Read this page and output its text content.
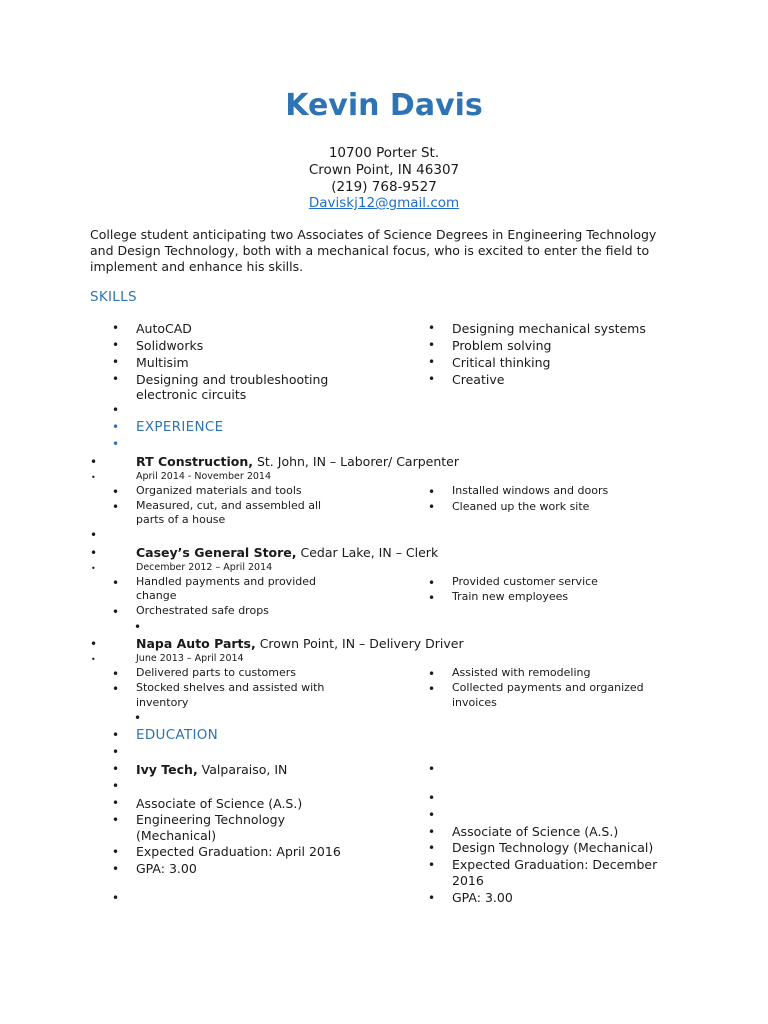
Kevin Davis
10700 Porter St.
Crown Point, IN 46307
(219) 768-9527
Daviskj12@gmail.com
College student anticipating two Associates of Science Degrees in Engineering Technology and Design Technology, both with a mechanical focus, who is excited to enter the field to implement and enhance his skills.
SKILLS
• AutoCAD
• Solidworks
• Multisim
• Designing and troubleshooting
electronic circuits
• Designing mechanical systems
• Problem solving
• Critical thinking
• Creative
•
• EXPERIENCE
•
•	RT Construction, St. John, IN – Laborer/ Carpenter
•	April 2014 - November 2014
• Organized materials and tools
• Measured, cut, and assembled all
parts of a house
• Installed windows and doors
• Cleaned up the work site
•
•	Casey’s General Store, Cedar Lake, IN – Clerk
•	December 2012 – April 2014
• Handled payments and provided
change
• Orchestrated safe drops
• Provided customer service
• Train new employees
•
•	Napa Auto Parts, Crown Point, IN – Delivery Driver
•	June 2013 – April 2014
• Delivered parts to customers
• Stocked shelves and assisted with
inventory
• Assisted with remodeling
• Collected payments and organized
invoices
•
• EDUCATION
•
• Ivy Tech, Valparaiso, IN
•
• Associate of Science (A.S.)
• Engineering Technology
(Mechanical)
• Expected Graduation: April 2016
• GPA: 3.00
•
•
•
•
• Associate of Science (A.S.)
• Design Technology (Mechanical)
• Expected Graduation: December
2016
• GPA: 3.00
